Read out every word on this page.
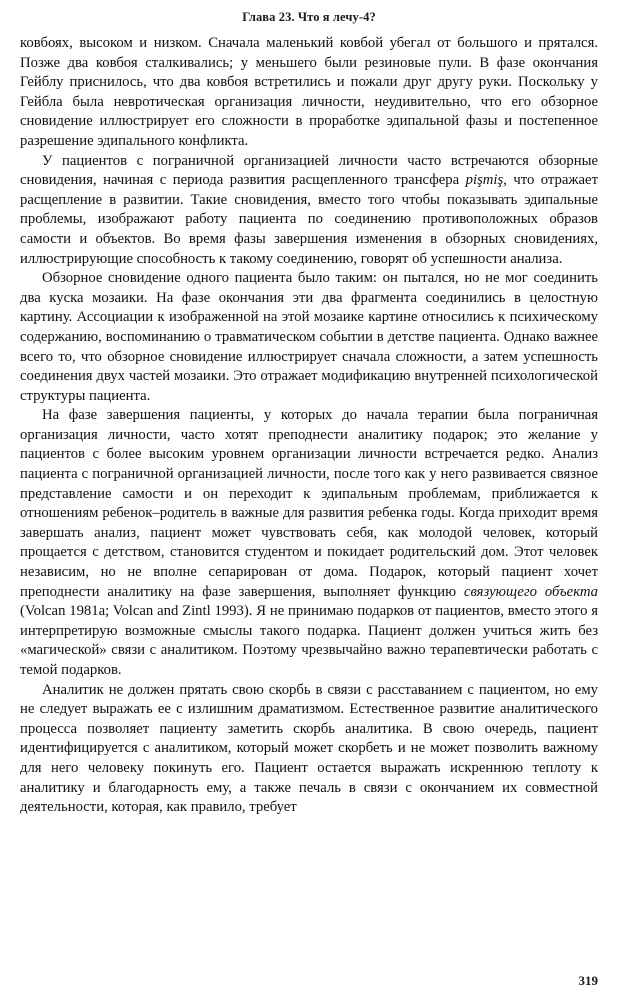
Глава 23. Что я лечу-4?

ковбоях, высоком и низком. Сначала маленький ковбой убегал от большого и прятался. Позже два ковбоя сталкивались; у меньшего были резиновые пули. В фазе окончания Гейблу приснилось, что два ковбоя встретились и пожали друг другу руки. Поскольку у Гейбла была невротическая организация личности, неудивительно, что его обзорное сновидение иллюстрирует его сложности в проработке эдипальной фазы и постепенное разрешение эдипального конфликта.

У пациентов с пограничной организацией личности часто встречаются обзорные сновидения, начиная с периода развития расщепленного трансфера pişmiş, что отражает расщепление в развитии. Такие сновидения, вместо того чтобы показывать эдипальные проблемы, изображают работу пациента по соединению противоположных образов самости и объектов. Во время фазы завершения изменения в обзорных сновидениях, иллюстрирующие способность к такому соединению, говорят об успешности анализа.

Обзорное сновидение одного пациента было таким: он пытался, но не мог соединить два куска мозаики. На фазе окончания эти два фрагмента соединились в целостную картину. Ассоциации к изображенной на этой мозаике картине относились к психическому содержанию, воспоминанию о травматическом событии в детстве пациента. Однако важнее всего то, что обзорное сновидение иллюстрирует сначала сложности, а затем успешность соединения двух частей мозаики. Это отражает модификацию внутренней психологической структуры пациента.

На фазе завершения пациенты, у которых до начала терапии была пограничная организация личности, часто хотят преподнести аналитику подарок; это желание у пациентов с более высоким уровнем организации личности встречается редко. Анализ пациента с пограничной организацией личности, после того как у него развивается связное представление самости и он переходит к эдипальным проблемам, приближается к отношениям ребенок–родитель в важные для развития ребенка годы. Когда приходит время завершать анализ, пациент может чувствовать себя, как молодой человек, который прощается с детством, становится студентом и покидает родительский дом. Этот человек независим, но не вполне сепарирован от дома. Подарок, который пациент хочет преподнести аналитику на фазе завершения, выполняет функцию связующего объекта (Volcan 1981a; Volcan and Zintl 1993). Я не принимаю подарков от пациентов, вместо этого я интерпретирую возможные смыслы такого подарка. Пациент должен учиться жить без «магической» связи с аналитиком. Поэтому чрезвычайно важно терапевтически работать с темой подарков.

Аналитик не должен прятать свою скорбь в связи с расставанием с пациентом, но ему не следует выражать ее с излишним драматизмом. Естественное развитие аналитического процесса позволяет пациенту заметить скорбь аналитика. В свою очередь, пациент идентифицируется с аналитиком, который может скорбеть и не может позволить важному для него человеку покинуть его. Пациент остается выражать искреннюю теплоту к аналитику и благодарность ему, а также печаль в связи с окончанием их совместной деятельности, которая, как правило, требует

319
